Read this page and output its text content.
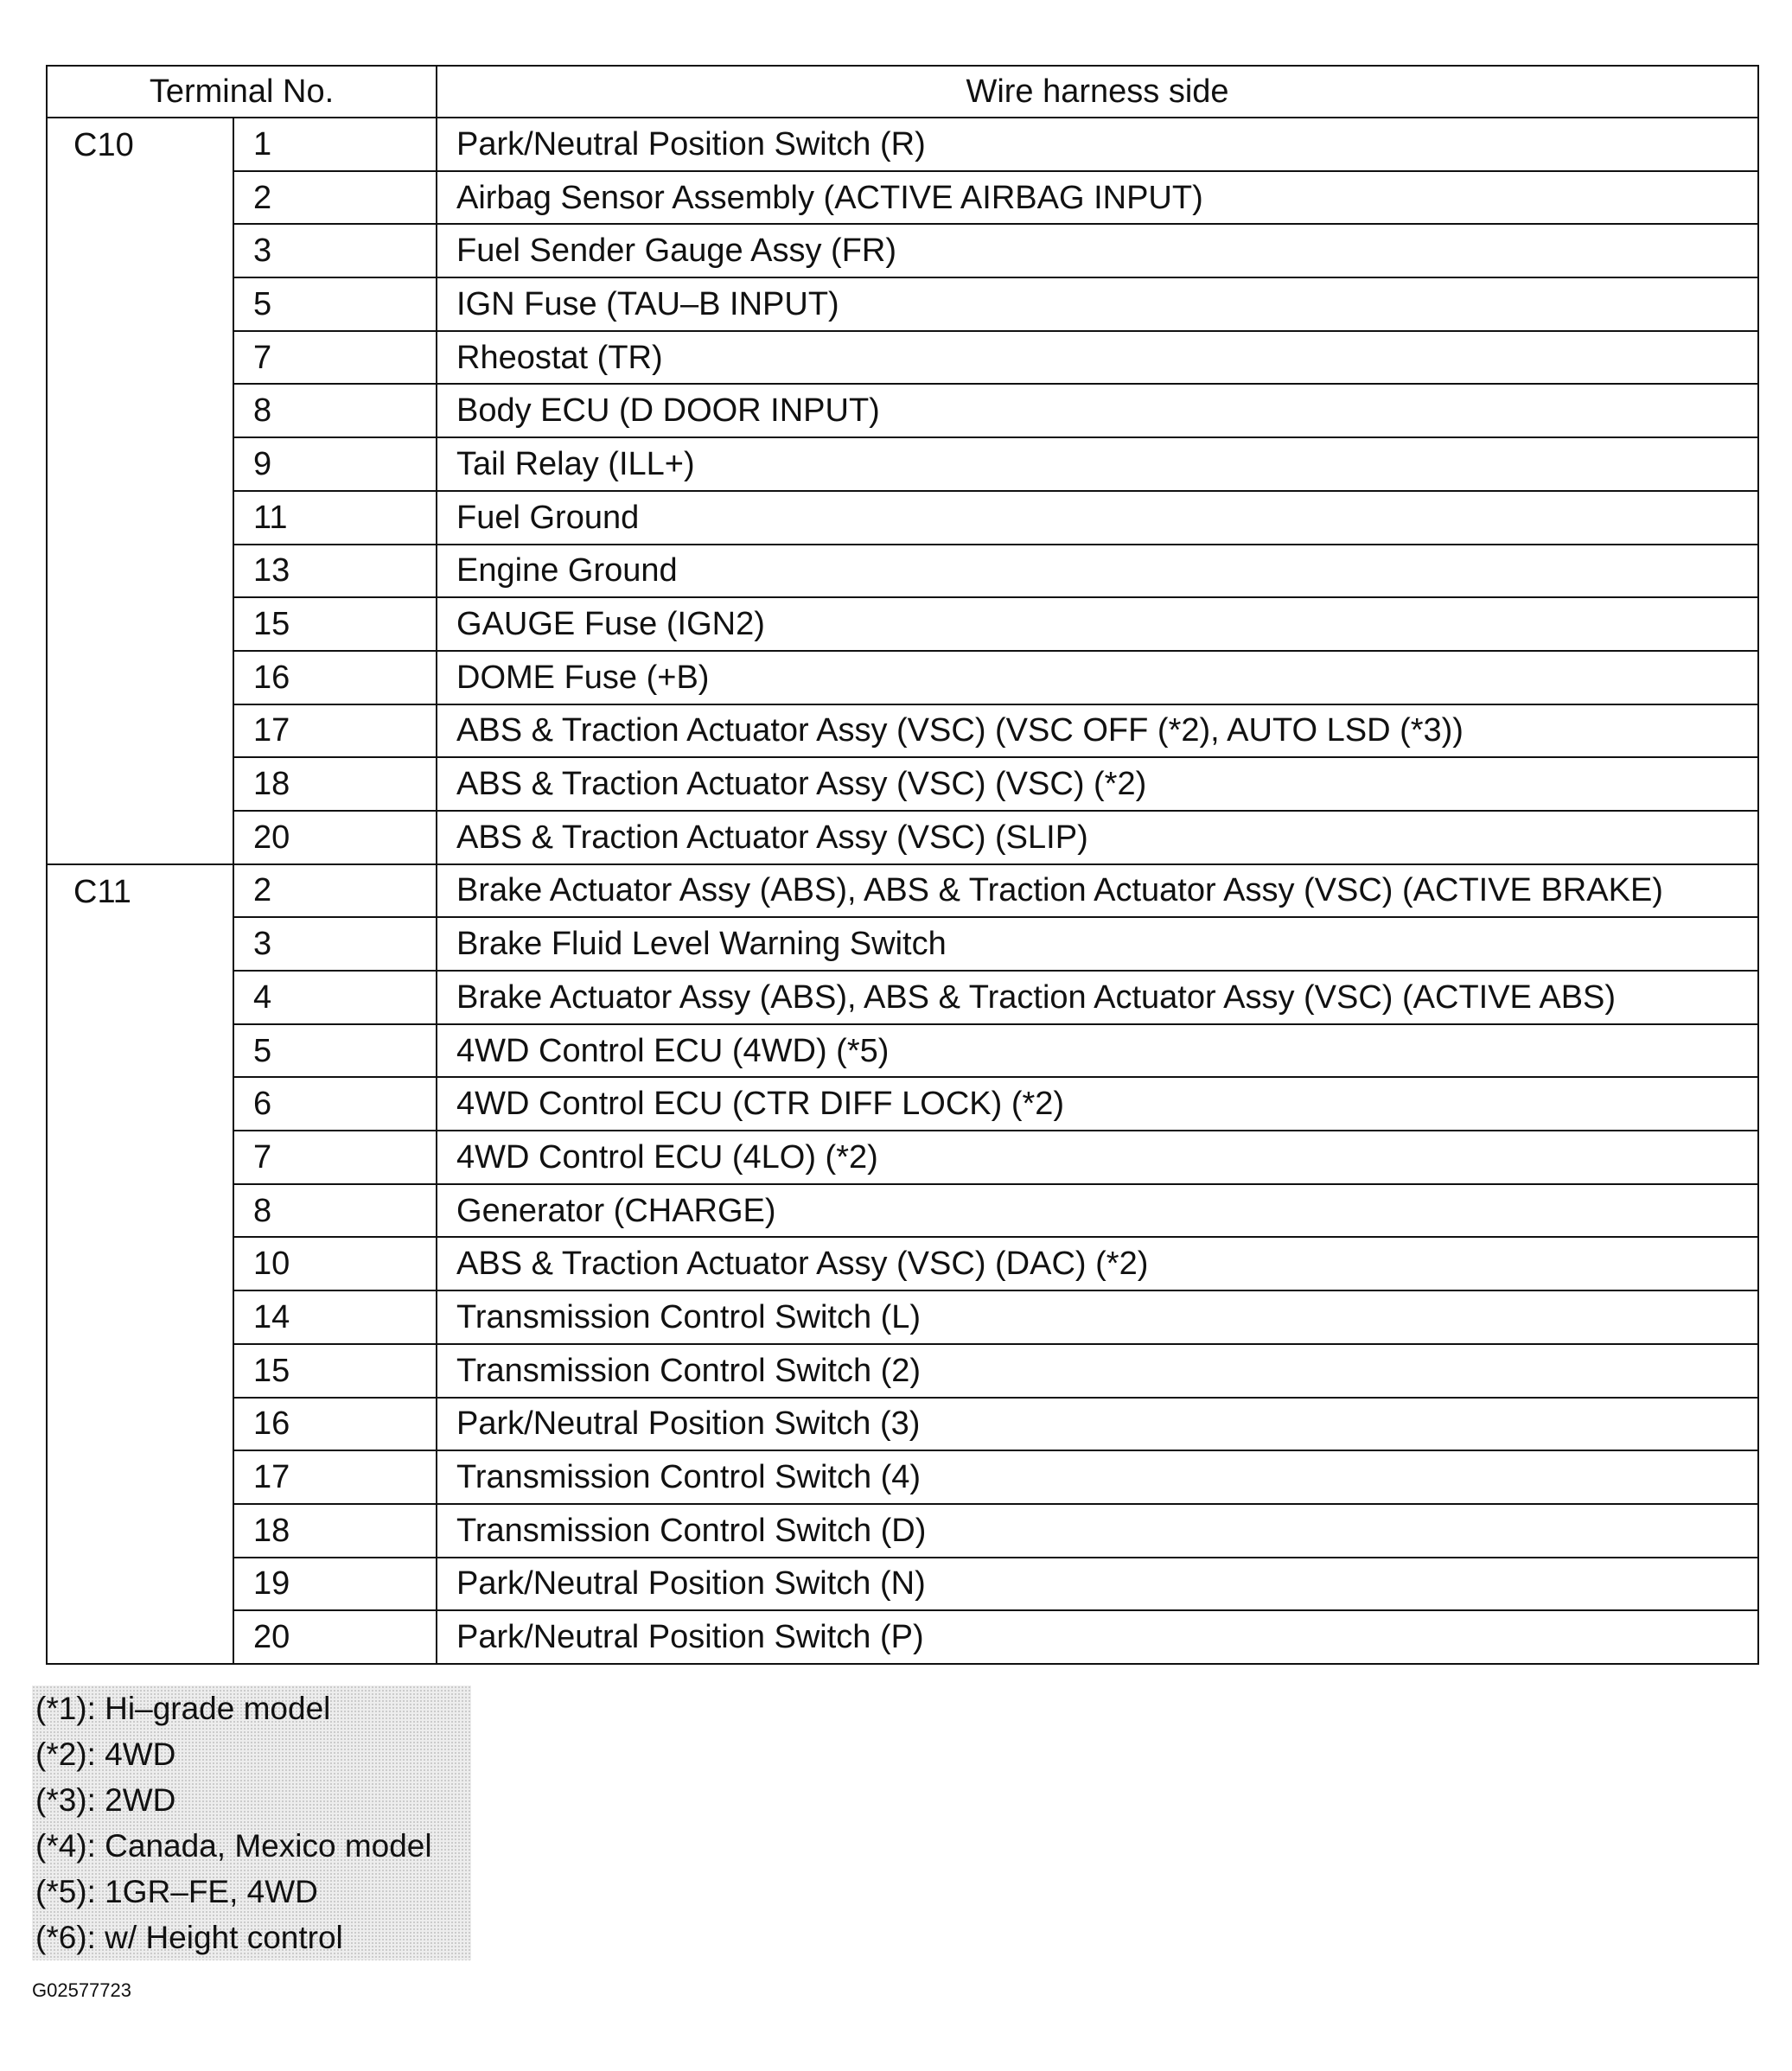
Terminal No.		Wire harness side
C10	1	Park/Neutral Position Switch (R)
	2	Airbag Sensor Assembly (ACTIVE AIRBAG INPUT)
	3	Fuel Sender Gauge Assy (FR)
	5	IGN Fuse (TAU–B INPUT)
	7	Rheostat (TR)
	8	Body ECU (D DOOR INPUT)
	9	Tail Relay (ILL+)
	11	Fuel Ground
	13	Engine Ground
	15	GAUGE Fuse (IGN2)
	16	DOME Fuse (+B)
	17	ABS & Traction Actuator Assy (VSC) (VSC OFF (*2), AUTO LSD (*3))
	18	ABS & Traction Actuator Assy (VSC) (VSC) (*2)
	20	ABS & Traction Actuator Assy (VSC) (SLIP)
C11	2	Brake Actuator Assy (ABS), ABS & Traction Actuator Assy (VSC) (ACTIVE BRAKE)
	3	Brake Fluid Level Warning Switch
	4	Brake Actuator Assy (ABS), ABS & Traction Actuator Assy (VSC) (ACTIVE ABS)
	5	4WD Control ECU (4WD) (*5)
	6	4WD Control ECU (CTR DIFF LOCK) (*2)
	7	4WD Control ECU (4LO) (*2)
	8	Generator (CHARGE)
	10	ABS & Traction Actuator Assy (VSC) (DAC) (*2)
	14	Transmission Control Switch (L)
	15	Transmission Control Switch (2)
	16	Park/Neutral Position Switch (3)
	17	Transmission Control Switch (4)
	18	Transmission Control Switch (D)
	19	Park/Neutral Position Switch (N)
	20	Park/Neutral Position Switch (P)
(*1): Hi–grade model
(*2): 4WD
(*3): 2WD
(*4): Canada, Mexico model
(*5): 1GR–FE, 4WD
(*6): w/ Height control
G02577723
